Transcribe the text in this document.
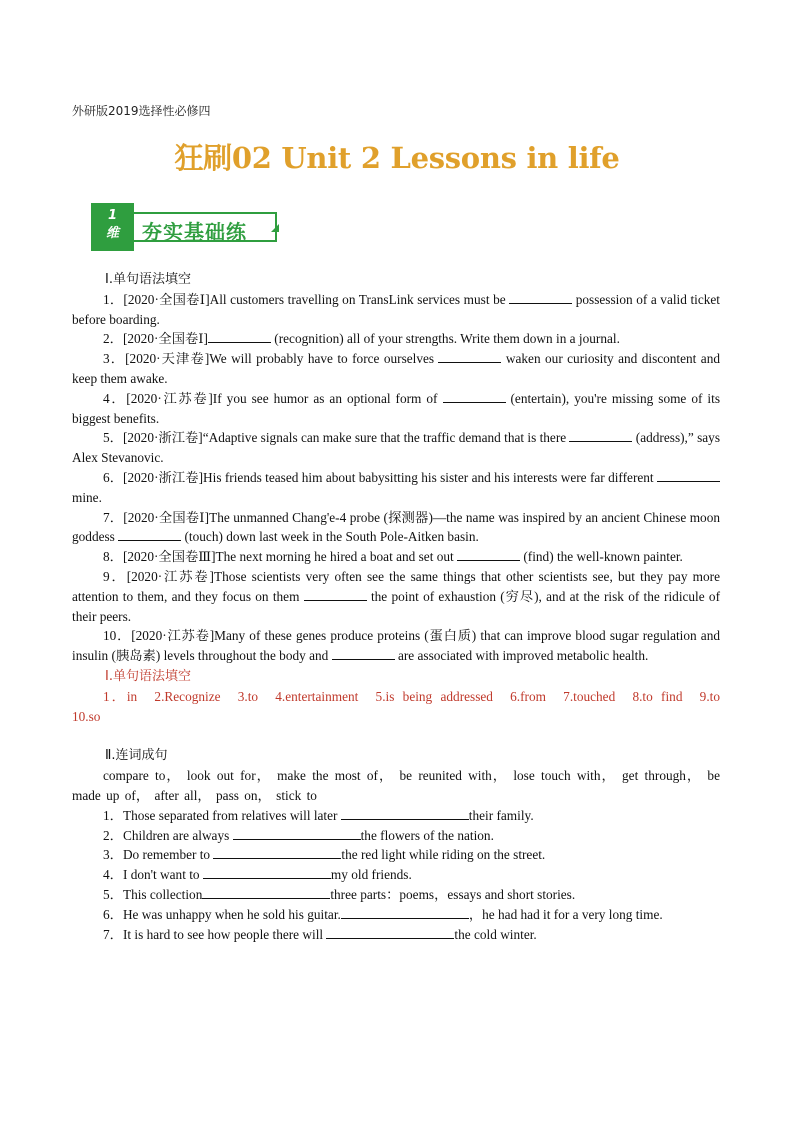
外研版2019选择性必修四
狂刷02 Unit 2 Lessons in life
1
维	夯实基础练
Ⅰ.单句语法填空

1．[2020·全国卷Ⅰ]All customers travelling on TransLink services must be	possession of a valid ticket before boarding.

2．[2020·全国卷Ⅰ]	(recognition) all of your strengths. Write them down in a journal.

3．[2020·天津卷]We will probably have to force ourselves	waken our curiosity and discontent and keep them awake.

4．[2020·江苏卷]If you see humor as an optional form of	(entertain), you're missing some of its biggest benefits.

5．[2020·浙江卷]“Adaptive signals can make sure that the traffic demand that is there	(address),” says Alex Stevanovic.

6．[2020·浙江卷]His friends teased him about babysitting his sister and his interests were far different  mine.

7．[2020·全国卷Ⅰ]The unmanned Chang'e-4 probe (探测器)—the name was inspired by an ancient Chinese moon goddess	(touch) down last week in the South Pole-Aitken basin.

8．[2020·全国卷Ⅲ]The next morning he hired a boat and set out	(find) the well-known painter.

9．[2020·江苏卷]Those scientists very often see the same things that other scientists see, but they pay more attention to them, and they focus on them	the point of exhaustion (穷尽), and at the risk of the ridicule of their peers.

10．[2020·江苏卷]Many of these genes produce proteins (蛋白质) that can improve blood sugar regulation and insulin (胰岛素) levels throughout the body and	are associated with improved metabolic health.

Ⅰ.单句语法填空

1．in　2.Recognize　3.to　4.entertainment　5.is being addressed　6.from　7.touched　8.to find　9.to　10.so

Ⅱ.连词成句

compare to， look out for， make the most of， be reunited with， lose touch with， get through， be made up of， after all， pass on， stick to

1．Those separated from relatives will later	their family.

2．Children are always	the flowers of the nation.

3．Do remember to	the red light while riding on the street.

4．I don't want to	my old friends.

5．This collection	three parts：poems，essays and short stories.

6．He was unhappy when he sold his guitar.	，he had had it for a very long time.

7．It is hard to see how people there will	the cold winter.
